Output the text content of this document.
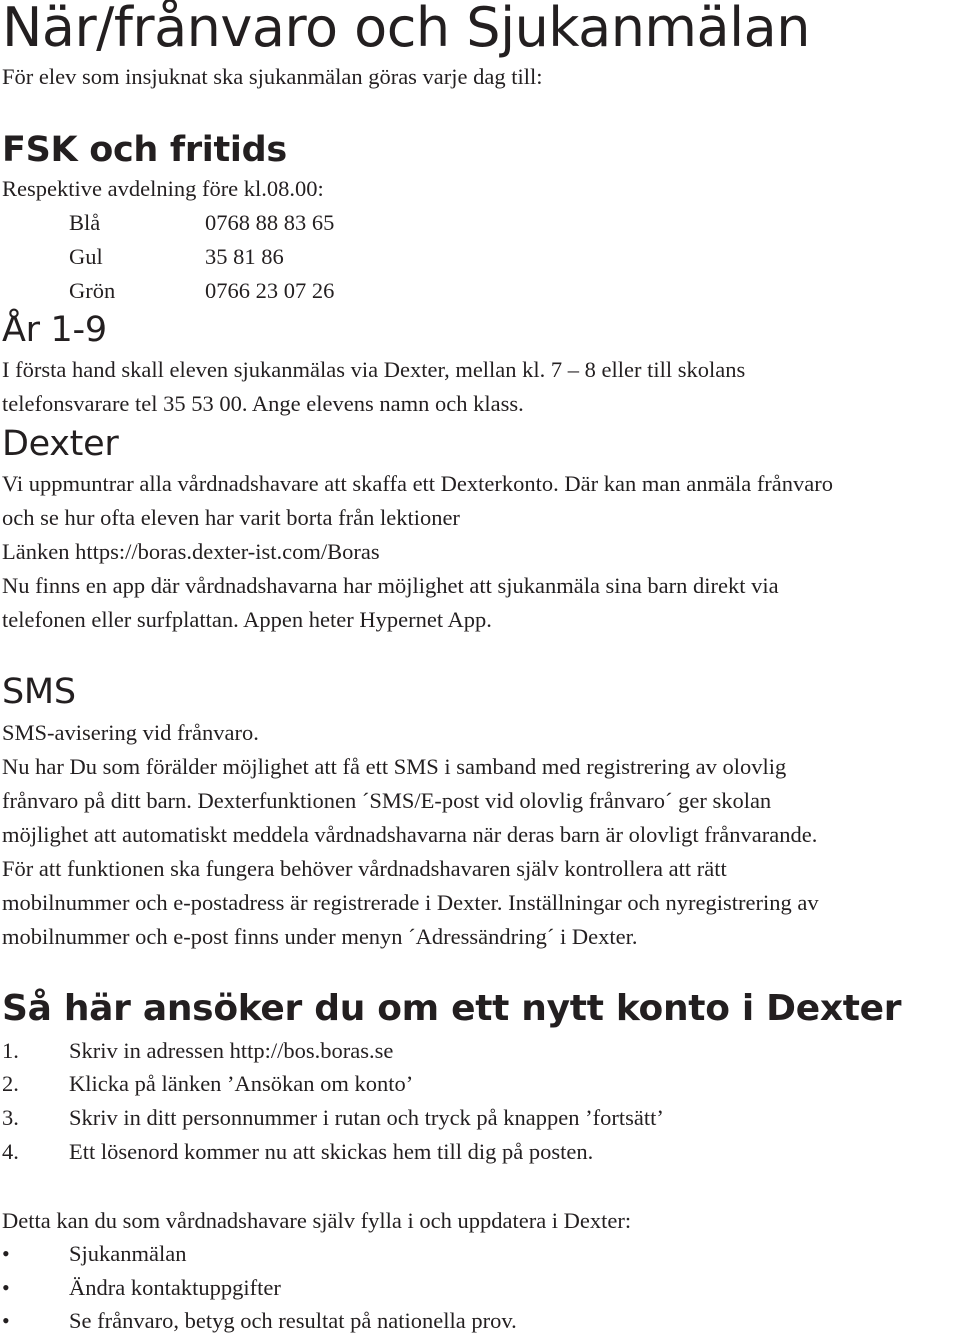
När/frånvaro och Sjukanmälan
För elev som insjuknat ska sjukanmälan göras varje dag till:
FSK och fritids
Respektive avdelning före kl.08.00:
Blå	0768 88 83 65
Gul	35 81 86
Grön	0766 23 07 26
År 1-9
I första hand skall eleven sjukanmälas via Dexter, mellan kl. 7 – 8 eller till skolans
telefonsvarare tel 35 53 00. Ange elevens namn och klass.
Dexter
Vi uppmuntrar alla vårdnadshavare att skaffa ett Dexterkonto. Där kan man anmäla frånvaro
och se hur ofta eleven har varit borta från lektioner
Länken https://boras.dexter-ist.com/Boras
Nu finns en app där vårdnadshavarna har möjlighet att sjukanmäla sina barn direkt via
telefonen eller surfplattan. Appen heter Hypernet App.
SMS
SMS-avisering vid frånvaro.
Nu har Du som förälder möjlighet att få ett SMS i samband med registrering av olovlig
frånvaro på ditt barn. Dexterfunktionen ´SMS/E-post vid olovlig frånvaro´ ger skolan
möjlighet att automatiskt meddela vårdnadshavarna när deras barn är olovligt frånvarande.
För att funktionen ska fungera behöver vårdnadshavaren själv kontrollera att rätt
mobilnummer och e-postadress är registrerade i Dexter. Inställningar och nyregistrering av
mobilnummer och e-post finns under menyn ´Adressändring´ i Dexter.
Så här ansöker du om ett nytt konto i Dexter
1. Skriv in adressen http://bos.boras.se
2. Klicka på länken ’Ansökan om konto’
3. Skriv in ditt personnummer i rutan och tryck på knappen ’fortsätt’
4. Ett lösenord kommer nu att skickas hem till dig på posten.
Detta kan du som vårdnadshavare själv fylla i och uppdatera i Dexter:
•	Sjukanmälan
•	Ändra kontaktuppgifter
•	Se frånvaro, betyg och resultat på nationella prov.
